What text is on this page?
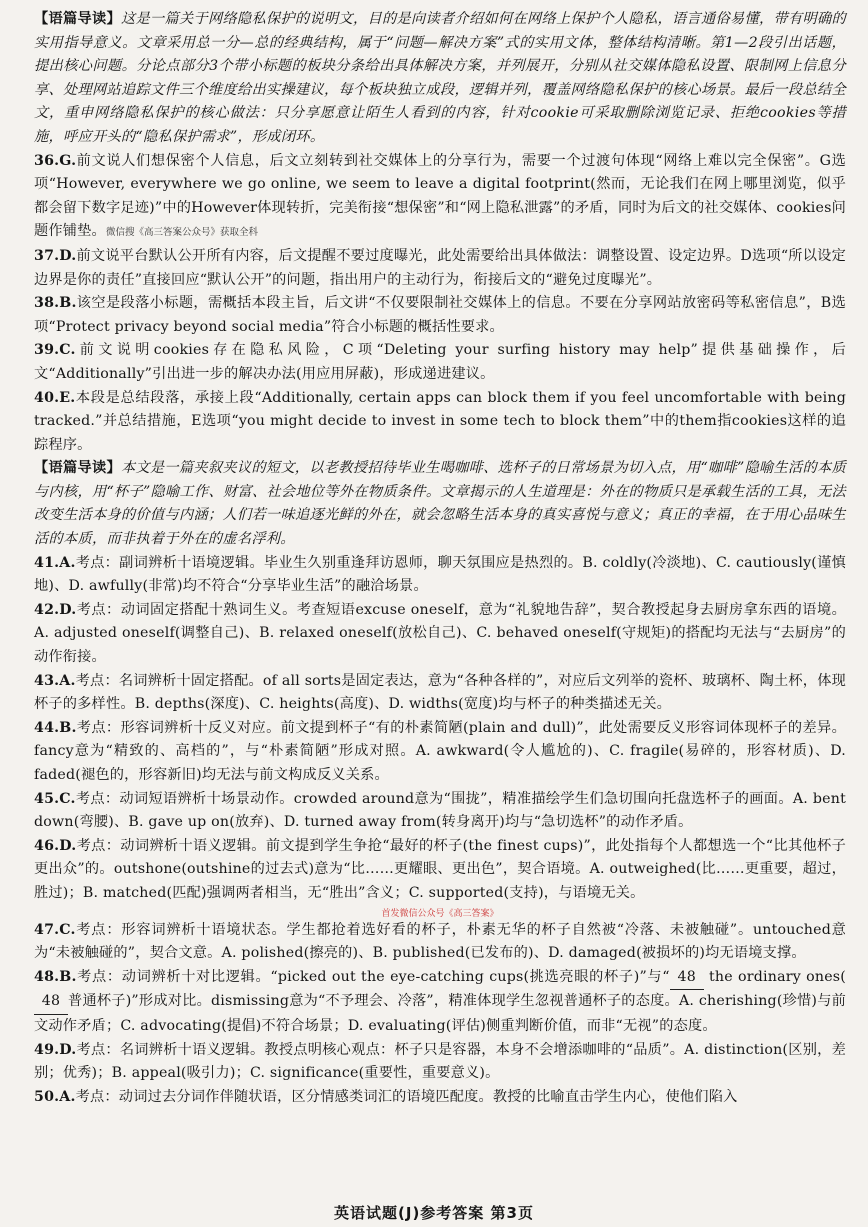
【语篇导读】这是一篇关于网络隐私保护的说明文，目的是向读者介绍如何在网络上保护个人隐私，语言通俗易懂，带有明确的实用指导意义。文章采用总一分—总的经典结构，属于“问题—解决方案”式的实用文体，整体结构清晰。第1—2段引出话题，提出核心问题。分论点部分3个带小标题的板块分条给出具体解决方案，并列展开，分别从社交媒体隐私设置、限制网上信息分享、处理网站追踪文件三个维度给出实操建议，每个板块独立成段，逻辑并列，覆盖网络隐私保护的核心场景。最后一段总结全文，重申网络隐私保护的核心做法：只分享愿意让陌生人看到的内容，针对cookie可采取删除浏览记录、拒绝cookies等措施，呼应开头的“隐私保护需求”，形成闭环。

36.G.前文说人们想保密个人信息，后文立刻转到社交媒体上的分享行为，需要一个过渡句体现“网络上难以完全保密”。G选项“However, everywhere we go online, we seem to leave a digital footprint(然而，无论我们在网上哪里浏览，似乎都会留下数字足迹)”中的However体现转折，完美衔接“想保密”和“网上隐私泄露”的矛盾，同时为后文的社交媒体、cookies问题作铺垫。微信搜《高三答案公众号》获取全科

37.D.前文说平台默认公开所有内容，后文提醒不要过度曝光，此处需要给出具体做法：调整设置、设定边界。D选项“所以设定边界是你的责任”直接回应“默认公开”的问题，指出用户的主动行为，衔接后文的“避免过度曝光”。

38.B.该空是段落小标题，需概括本段主旨，后文讲“不仅要限制社交媒体上的信息。不要在分享网站放密码等私密信息”，B选项“Protect privacy beyond social media”符合小标题的概括性要求。

39.C.前文说明cookies存在隐私风险，C项“Deleting your surfing history may help”提供基础操作，后文“Additionally”引出进一步的解决办法(用应用屏蔽)，形成递进建议。

40.E.本段是总结段落，承接上段“Additionally, certain apps can block them if you feel uncomfortable with being tracked.”并总结措施，E选项“you might decide to invest in some tech to block them”中的them指cookies这样的追踪程序。

【语篇导读】本文是一篇夹叙夹议的短文，以老教授招待毕业生喝咖啡、选杯子的日常场景为切入点，用“咖啡”隐喻生活的本质与内核，用“杯子”隐喻工作、财富、社会地位等外在物质条件。文章揭示的人生道理是：外在的物质只是承载生活的工具，无法改变生活本身的价值与内涵；人们若一味追逐光鲜的外在，就会忽略生活本身的真实喜悦与意义；真正的幸福，在于用心品味生活的本质，而非执着于外在的虚名浮利。

41.A.考点：副词辨析十语境逻辑。毕业生久别重逢拜访恩师，聊天氛围应是热烈的。B. coldly(冷淡地)、C. cautiously(谨慎地)、D. awfully(非常)均不符合“分享毕业生活”的融洽场景。

42.D.考点：动词固定搭配十熟词生义。考查短语excuse oneself，意为“礼貌地告辞”，契合教授起身去厨房拿东西的语境。A. adjusted oneself(调整自己)、B. relaxed oneself(放松自己)、C. behaved oneself(守规矩)的搭配均无法与“去厨房”的动作衔接。

43.A.考点：名词辨析十固定搭配。of all sorts是固定表达，意为“各种各样的”，对应后文列举的瓷杯、玻璃杯、陶土杯，体现杯子的多样性。B. depths(深度)、C. heights(高度)、D. widths(宽度)均与杯子的种类描述无关。

44.B.考点：形容词辨析十反义对应。前文提到杯子“有的朴素简陋(plain and dull)”，此处需要反义形容词体现杯子的差异。fancy意为“精致的、高档的”，与“朴素简陋”形成对照。A. awkward(令人尴尬的)、C. fragile(易碎的，形容材质)、D. faded(褪色的，形容新旧)均无法与前文构成反义关系。

45.C.考点：动词短语辨析十场景动作。crowded around意为“围拢”，精准描绘学生们急切围向托盘选杯子的画面。A. bent down(弯腰)、B. gave up on(放弃)、D. turned away from(转身离开)均与“急切选杯”的动作矛盾。

46.D.考点：动词辨析十语义逻辑。前文提到学生争抢“最好的杯子(the finest cups)”，此处指每个人都想选一个“比其他杯子更出众”的。outshone(outshine的过去式)意为“比……更耀眼、更出色”，契合语境。A. outweighed(比……更重要，超过，胜过)；B. matched(匹配)强调两者相当，无“胜出”含义；C. supported(支持)，与语境无关。

首发微信公众号《高三答案》

47.C.考点：形容词辨析十语境状态。学生都抢着选好看的杯子，朴素无华的杯子自然被“冷落、未被触碰”。untouched意为“未被触碰的”，契合文意。A. polished(擦亮的)、B. published(已发布的)、D. damaged(被损坏的)均无语境支撑。

48.B.考点：动词辨析十对比逻辑。“picked out the eye-catching cups(挑选亮眼的杯子)”与“ 48 the ordinary ones(48 普通杯子)”形成对比。dismissing意为“不予理会、冷落”，精准体现学生忽视普通杯子的态度。A. cherishing(珍惜)与前文动作矛盾；C. advocating(提倡)不符合场景；D. evaluating(评估)侧重判断价值，而非“无视”的态度。

49.D.考点：名词辨析十语义逻辑。教授点明核心观点：杯子只是容器，本身不会增添咖啡的“品质”。A. distinction(区别，差别；优秀)；B. appeal(吸引力)；C. significance(重要性，重要意义)。

50.A.考点：动词过去分词作伴随状语，区分情感类词汇的语境匹配度。教授的比喻直击学生内心，使他们陷入

英语试题(J)参考答案 第3页
